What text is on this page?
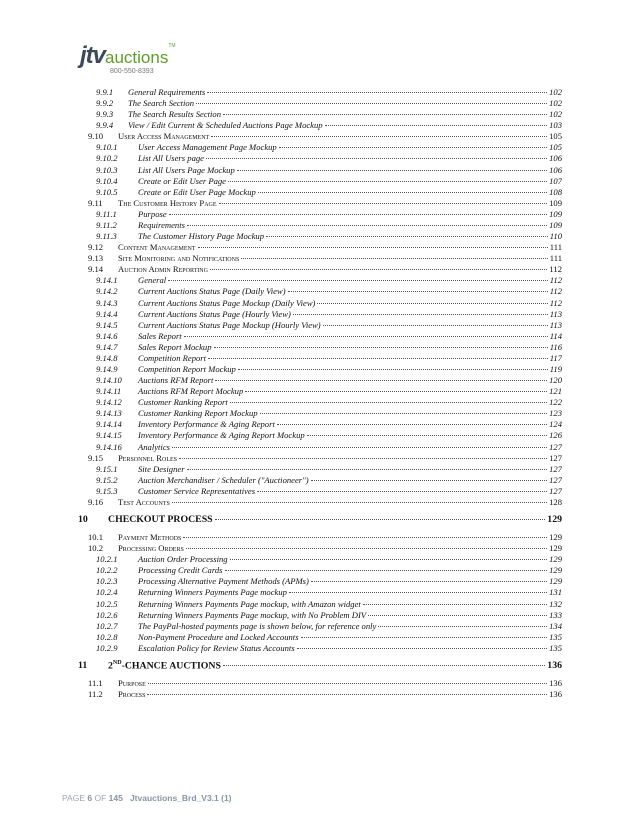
jtvauctions™
800-550-8393
9.9.1	General Requirements	102
9.9.2	The Search Section	102
9.9.3	The Search Results Section	102
9.9.4	View / Edit Current & Scheduled Auctions Page Mockup	103
9.10	User Access Management	105
9.10.1	User Access Management Page Mockup	105
9.10.2	List All Users page	106
9.10.3	List All Users Page Mockup	106
9.10.4	Create or Edit User Page	107
9.10.5	Create or Edit User Page Mockup	108
9.11	The Customer History Page	109
9.11.1	Purpose	109
9.11.2	Requirements	109
9.11.3	The Customer History Page Mockup	110
9.12	Content Management	111
9.13	Site Monitoring and Notifications	111
9.14	Auction Admin Reporting	112
9.14.1	General	112
9.14.2	Current Auctions Status Page (Daily View)	112
9.14.3	Current Auctions Status Page Mockup (Daily View)	112
9.14.4	Current Auctions Status Page (Hourly View)	113
9.14.5	Current Auctions Status Page Mockup (Hourly View)	113
9.14.6	Sales Report	114
9.14.7	Sales Report Mockup	116
9.14.8	Competition Report	117
9.14.9	Competition Report Mockup	119
9.14.10	Auctions RFM Report	120
9.14.11	Auctions RFM Report Mockup	121
9.14.12	Customer Ranking Report	122
9.14.13	Customer Ranking Report Mockup	123
9.14.14	Inventory Performance & Aging Report	124
9.14.15	Inventory Performance & Aging Report Mockup	126
9.14.16	Analytics	127
9.15	Personnel Roles	127
9.15.1	Site Designer	127
9.15.2	Auction Merchandiser / Scheduler ("Auctioneer")	127
9.15.3	Customer Service Representatives	127
9.16	Test Accounts	128
10	CHECKOUT PROCESS	129
10.1	Payment Methods	129
10.2	Processing Orders	129
10.2.1	Auction Order Processing	129
10.2.2	Processing Credit Cards	129
10.2.3	Processing Alternative Payment Methods (APMs)	129
10.2.4	Returning Winners Payments Page mockup	131
10.2.5	Returning Winners Payments Page mockup, with Amazon widget	132
10.2.6	Returning Winners Payments Page mockup, with No Problem DIV	133
10.2.7	The PayPal-hosted payments page is shown below, for reference only	134
10.2.8	Non-Payment Procedure and Locked Accounts	135
10.2.9	Escalation Policy for Review Status Accounts	135
11	2ND-CHANCE AUCTIONS	136
11.1	Purpose	136
11.2	Process	136
PAGE 6 OF 145 Jtvauctions_Brd_V3.1 (1)
